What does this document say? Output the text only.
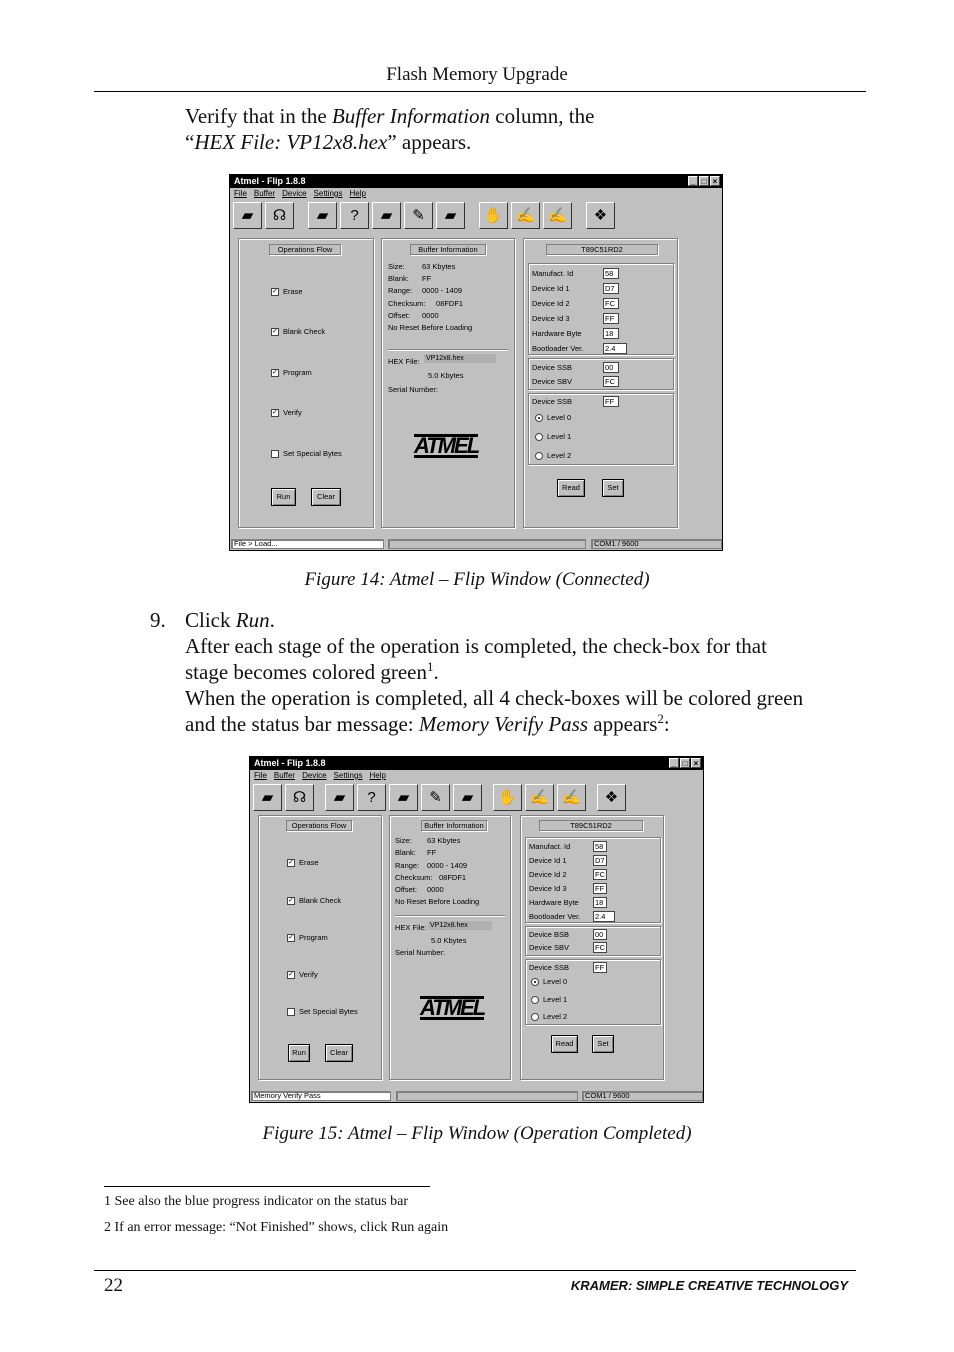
Flash Memory Upgrade
Verify that in the Buffer Information column, the
“HEX File: VP12x8.hex” appears.
Atmel - Flip 1.8.8	_ □ ×
File Buffer Device Settings Help
▰ ☊ ▰ ? ▰ ✎ ▰ ✋ ✍ ✍ ❖
Operations Flow
✓ Erase
✓ Blank Check
✓ Program
✓ Verify
Set Special Bytes
Run	Clear
Buffer Information
Size: 63 Kbytes
Blank: FF
Range: 0000 - 1409
Checksum: 08FDF1
Offset: 0000
No Reset Before Loading
HEX File: VP12x8.hex
5.0 Kbytes
Serial Number:
ATMEL
T89C51RD2
Manufact. Id	58
Device Id 1	D7
Device Id 2	FC
Device Id 3	FF
Hardware Byte	18
Bootloader Ver.	2.4
Device SSB	00
Device SBV	FC
Device SSB	FF
Level 0
Level 1
Level 2
Read	Set
File > Load...	COM1 / 9600
Figure 14: Atmel – Flip Window (Connected)
9. Click Run.
After each stage of the operation is completed, the check-box for that
stage becomes colored green$^1$.
When the operation is completed, all 4 check-boxes will be colored green
and the status bar message: Memory Verify Pass appears$^2$:
Atmel - Flip 1.8.8	_ □ ×
File Buffer Device Settings Help
▰ ☊ ▰ ? ▰ ✎ ▰ ✋ ✍ ✍ ❖
Operations Flow
✓ Erase
✓ Blank Check
✓ Program
✓ Verify
Set Special Bytes
Run	Clear
Buffer Information
Size: 63 Kbytes
Blank: FF
Range: 0000 - 1409
Checksum: 08FDF1
Offset: 0000
No Reset Before Loading
HEX File: VP12x8.hex
5.0 Kbytes
Serial Number:
ATMEL
T89C51RD2
Manufact. Id	58
Device Id 1	D7
Device Id 2	FC
Device Id 3	FF
Hardware Byte 18
Bootloader Ver. 2.4
Device BSB	00
Device SBV	FC
Device SSB	FF
Level 0
Level 1
Level 2
Read	Set
Memory Verify Pass	COM1 / 9600
Figure 15: Atmel – Flip Window (Operation Completed)
1 See also the blue progress indicator on the status bar
2 If an error message: “Not Finished” shows, click Run again
22	KRAMER: SIMPLE CREATIVE TECHNOLOGY
